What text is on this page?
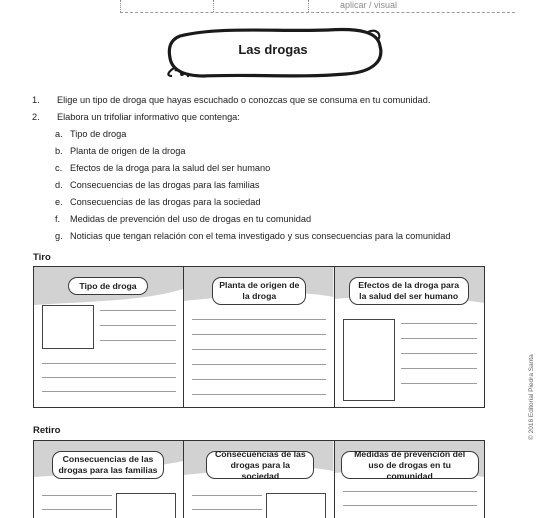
aplicar / visual
Las drogas
1. Elige un tipo de droga que hayas escuchado o conozcas que se consuma en tu comunidad.
2. Elabora un trifoliar informativo que contenga:
a. Tipo de droga
b. Planta de origen de la droga
c. Efectos de la droga para la salud del ser humano
d. Consecuencias de las drogas para las familias
e. Consecuencias de las drogas para la sociedad
f. Medidas de prevención del uso de drogas en tu comunidad
g. Noticias que tengan relación con el tema investigado y sus consecuencias para la comunidad
Tiro
Tipo de droga	Planta de origen de la droga
Efectos de la droga para la salud del ser humano
Retiro
Consecuencias de las drogas para las familias
Consecuencias de las drogas para la sociedad
Medidas de prevención del uso de drogas en tu comunidad
© 2016 Editorial Piedra Santa
